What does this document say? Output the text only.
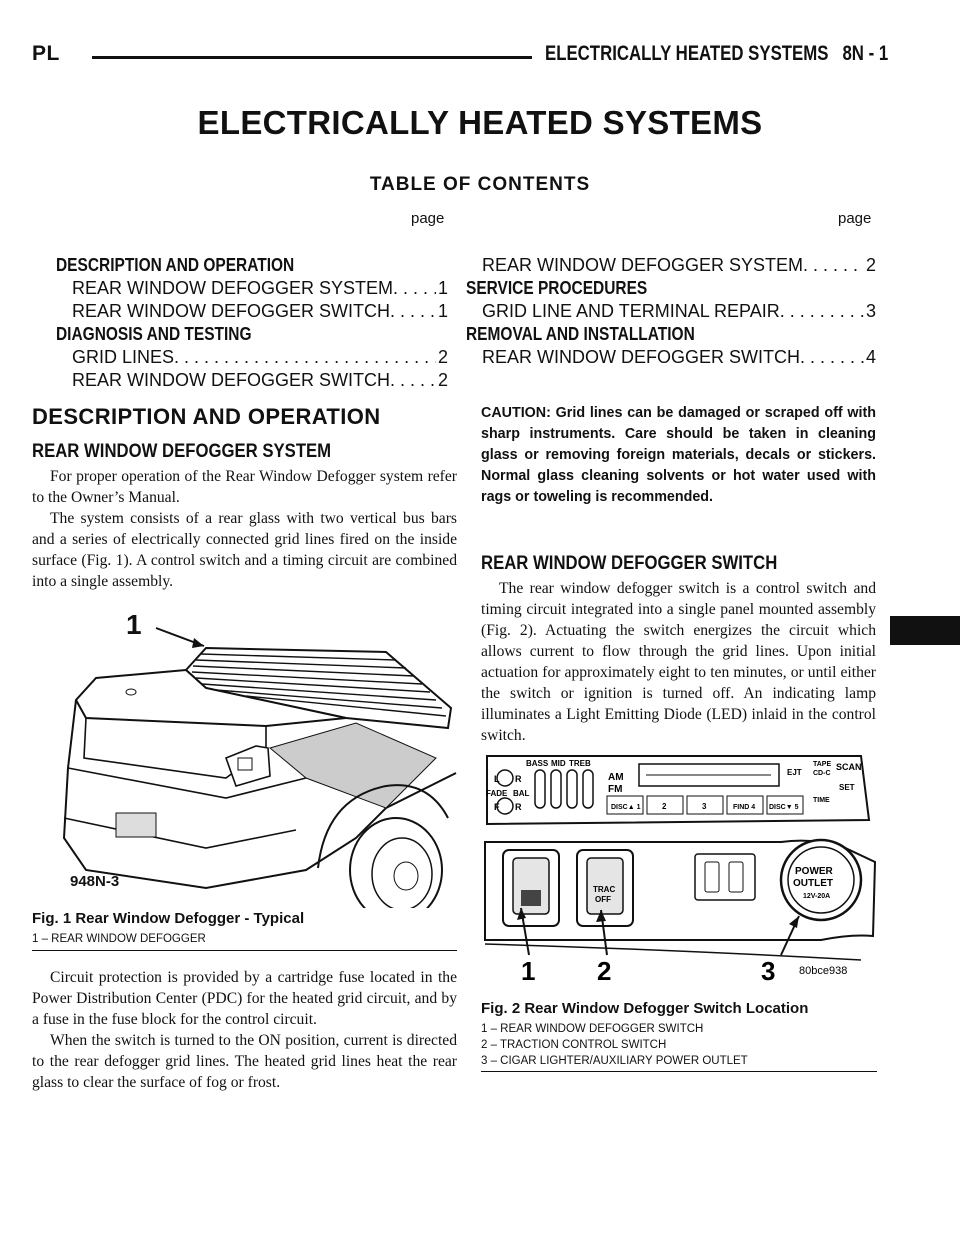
PL	ELECTRICALLY HEATED SYSTEMS   8N - 1
ELECTRICALLY HEATED SYSTEMS
TABLE OF CONTENTS
page	page
DESCRIPTION AND OPERATION
REAR WINDOW DEFOGGER SYSTEM . . . 1
REAR WINDOW DEFOGGER SWITCH . . .	1
DIAGNOSIS AND TESTING
GRID LINES . . .	2
REAR WINDOW DEFOGGER SWITCH . . .	2
REAR WINDOW DEFOGGER SYSTEM . . .	2
SERVICE PROCEDURES
GRID LINE AND TERMINAL REPAIR . . .	3
REMOVAL AND INSTALLATION
REAR WINDOW DEFOGGER SWITCH . . .	4
DESCRIPTION AND OPERATION
REAR WINDOW DEFOGGER SYSTEM

For proper operation of the Rear Window Defogger system refer to the Owner’s Manual.

The system consists of a rear glass with two vertical bus bars and a series of electrically connected grid lines fired on the inside surface (Fig. 1). A control switch and a timing circuit are combined into a single assembly.

1
948N-3
Fig. 1 Rear Window Defogger - Typical
1 – REAR WINDOW DEFOGGER

Circuit protection is provided by a cartridge fuse located in the Power Distribution Center (PDC) for the heated grid circuit, and by a fuse in the fuse block for the control circuit.

When the switch is turned to the ON position, current is directed to the rear defogger grid lines. The heated grid lines heat the rear glass to clear the surface of fog or frost.

CAUTION: Grid lines can be damaged or scraped off with sharp instruments. Care should be taken in cleaning glass or removing foreign materials, decals or stickers. Normal glass cleaning solvents or hot water used with rags or toweling is recommended.
REAR WINDOW DEFOGGER SWITCH

The rear window defogger switch is a control switch and timing circuit integrated into a single panel mounted assembly (Fig. 2). Actuating the switch energizes the circuit which allows current to flow through the grid lines. Upon initial actuation for approximately eight to ten minutes, or until either the switch or ignition is turned off. An indicating lamp illuminates a Light Emitting Diode (LED) inlaid in the control switch.

BASS MID TREB
L R
FADE BAL
F R
AM
FM
EJT
TAPE
CD-C
SCAN
TIME
SET
DISC▲ 1	2	3	FIND 4 DISC▼ 5
TRAC
OFF
POWER
OUTLET
12V-20A
1 2	3 80bce938
Fig. 2 Rear Window Defogger Switch Location
1 – REAR WINDOW DEFOGGER SWITCH
2 – TRACTION CONTROL SWITCH
3 – CIGAR LIGHTER/AUXILIARY POWER OUTLET
